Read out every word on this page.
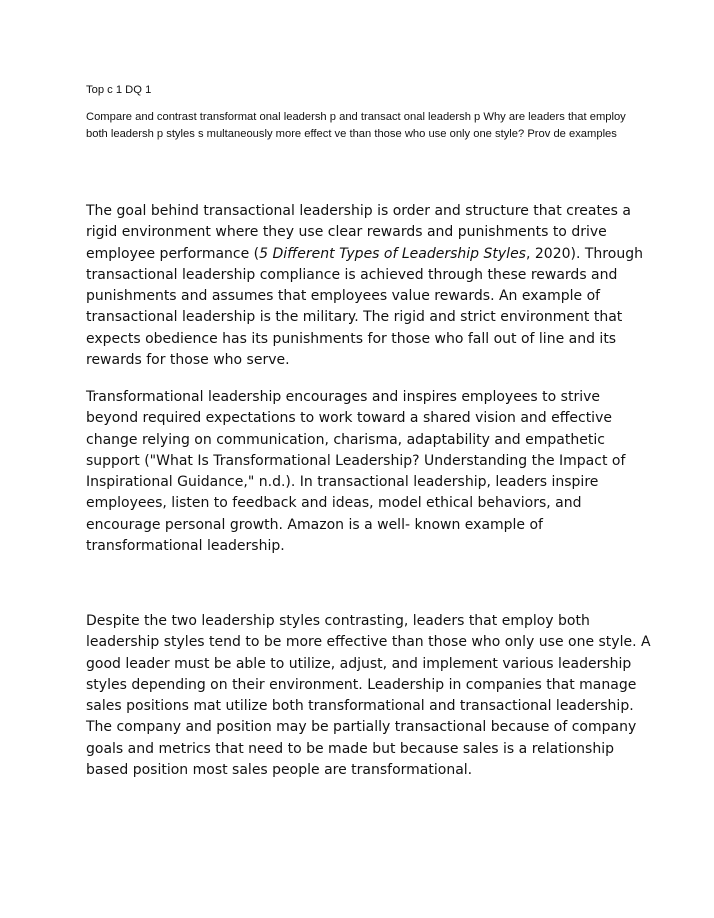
Top c 1 DQ 1

Compare and contrast transformat onal leadersh p and transact onal leadersh p Why are leaders that employ both leadersh p styles s multaneously more effect ve than those who use only one style? Prov de examples

The goal behind transactional leadership is order and structure that creates a rigid environment where they use clear rewards and punishments to drive employee performance (5 Different Types of Leadership Styles, 2020). Through transactional leadership compliance is achieved through these rewards and punishments and assumes that employees value rewards. An example of transactional leadership is the military. The rigid and strict environment that expects obedience has its punishments for those who fall out of line and its rewards for those who serve.

Transformational leadership encourages and inspires employees to strive beyond required expectations to work toward a shared vision and effective change relying on communication, charisma, adaptability and empathetic support ("What Is Transformational Leadership? Understanding the Impact of Inspirational Guidance," n.d.). In transactional leadership, leaders inspire employees, listen to feedback and ideas, model ethical behaviors, and encourage personal growth. Amazon is a well- known example of transformational leadership.

Despite the two leadership styles contrasting, leaders that employ both leadership styles tend to be more effective than those who only use one style. A good leader must be able to utilize, adjust, and implement various leadership styles depending on their environment. Leadership in companies that manage sales positions mat utilize both transformational and transactional leadership. The company and position may be partially transactional because of company goals and metrics that need to be made but because sales is a relationship based position most sales people are transformational.
